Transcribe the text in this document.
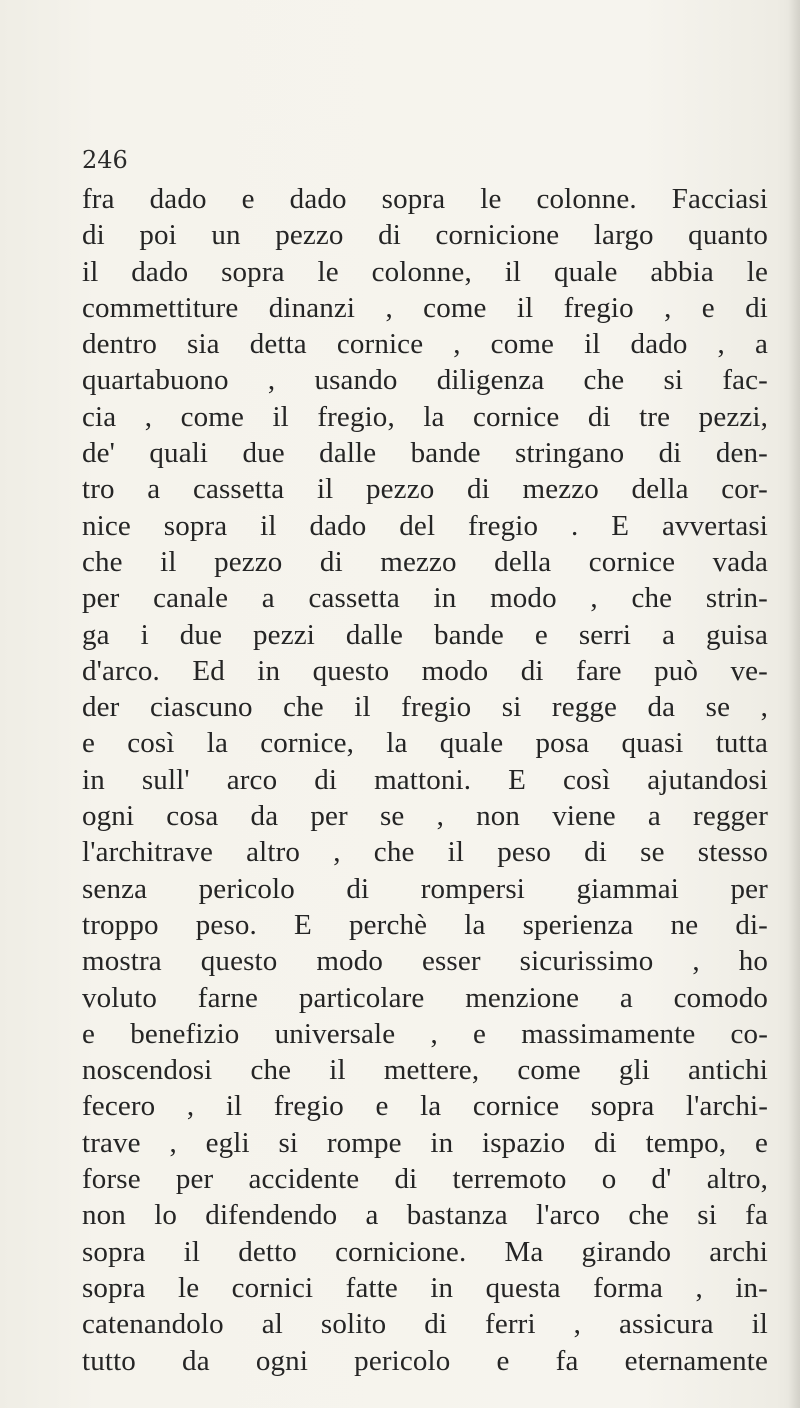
246

fra dado e dado sopra le colonne. Facciasi
di poi un pezzo di cornicione largo quanto
il dado sopra le colonne, il quale abbia le
commettiture dinanzi , come il fregio , e di
dentro sia detta cornice , come il dado , a
quartabuono , usando diligenza che si fac-
cia , come il fregio, la cornice di tre pezzi,
de' quali due dalle bande stringano di den-
tro a cassetta il pezzo di mezzo della cor-
nice sopra il dado del fregio . E avvertasi
che il pezzo di mezzo della cornice vada
per canale a cassetta in modo , che strin-
ga i due pezzi dalle bande e serri a guisa
d'arco. Ed in questo modo di fare può ve-
der ciascuno che il fregio si regge da se ,
e così la cornice, la quale posa quasi tutta
in sull' arco di mattoni. E così ajutandosi
ogni cosa da per se , non viene a regger
l'architrave altro , che il peso di se stesso
senza pericolo di rompersi giammai per
troppo peso. E perchè la sperienza ne di-
mostra questo modo esser sicurissimo , ho
voluto farne particolare menzione a comodo
e benefizio universale , e massimamente co-
noscendosi che il mettere, come gli antichi
fecero , il fregio e la cornice sopra l'archi-
trave , egli si rompe in ispazio di tempo, e
forse per accidente di terremoto o d' altro,
non lo difendendo a bastanza l'arco che si fa
sopra il detto cornicione. Ma girando archi
sopra le cornici fatte in questa forma , in-
catenandolo al solito di ferri , assicura il
tutto da ogni pericolo e fa eternamente
